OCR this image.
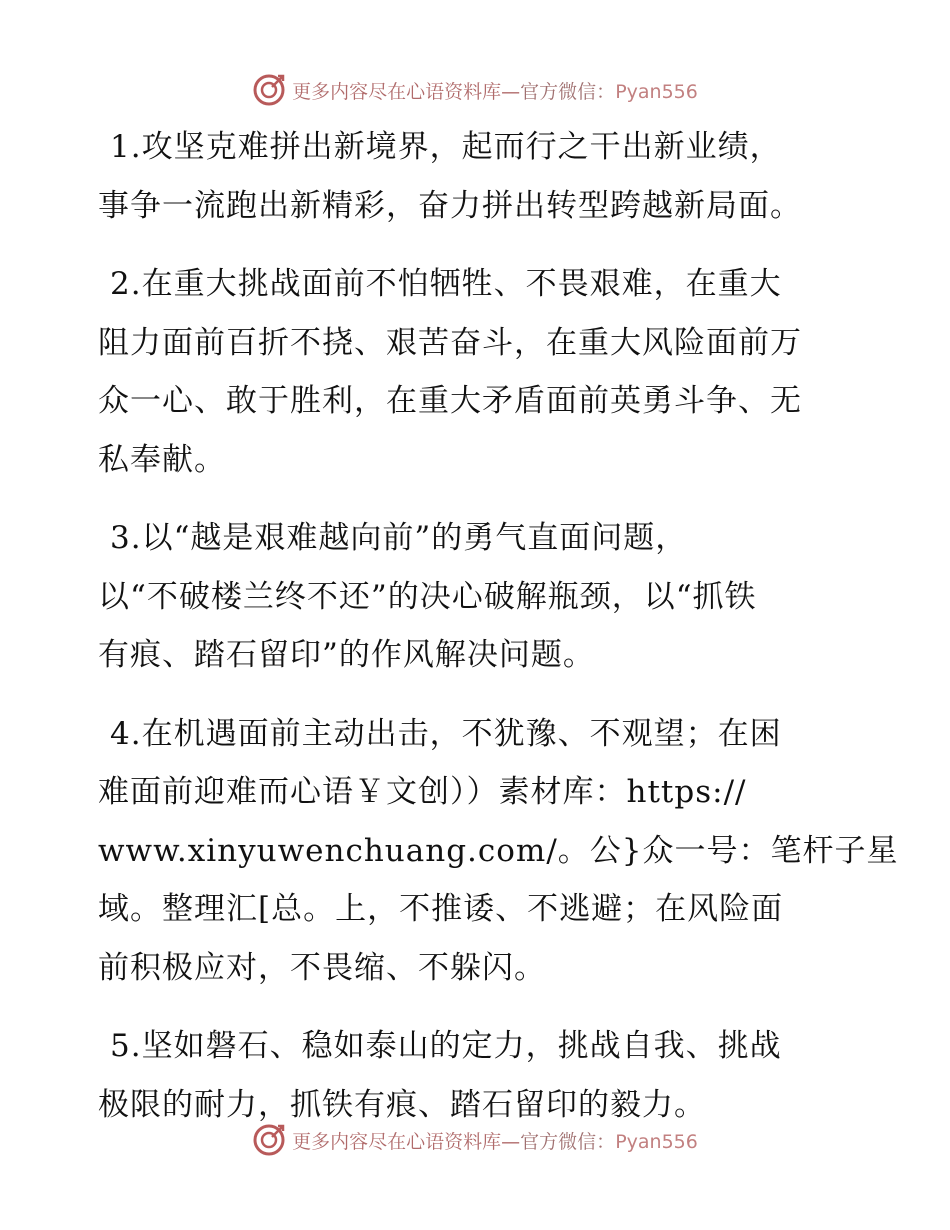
更多内容尽在心语资料库—官方微信：Pyan556

1.攻坚克难拼出新境界，起而行之干出新业绩，
事争一流跑出新精彩，奋力拼出转型跨越新局面。

2.在重大挑战面前不怕牺牲、不畏艰难，在重大
阻力面前百折不挠、艰苦奋斗，在重大风险面前万
众一心、敢于胜利，在重大矛盾面前英勇斗争、无
私奉献。

3.以“越是艰难越向前”的勇气直面问题，
以“不破楼兰终不还”的决心破解瓶颈，以“抓铁
有痕、踏石留印”的作风解决问题。

4.在机遇面前主动出击，不犹豫、不观望；在困
难面前迎难而心语￥文创））素材库：https://
www.xinyuwenchuang.com/。公}众一号：笔杆子星
域。整理汇[总。上，不推诿、不逃避；在风险面
前积极应对，不畏缩、不躲闪。

5.坚如磐石、稳如泰山的定力，挑战自我、挑战
极限的耐力，抓铁有痕、踏石留印的毅力。

更多内容尽在心语资料库—官方微信：Pyan556
